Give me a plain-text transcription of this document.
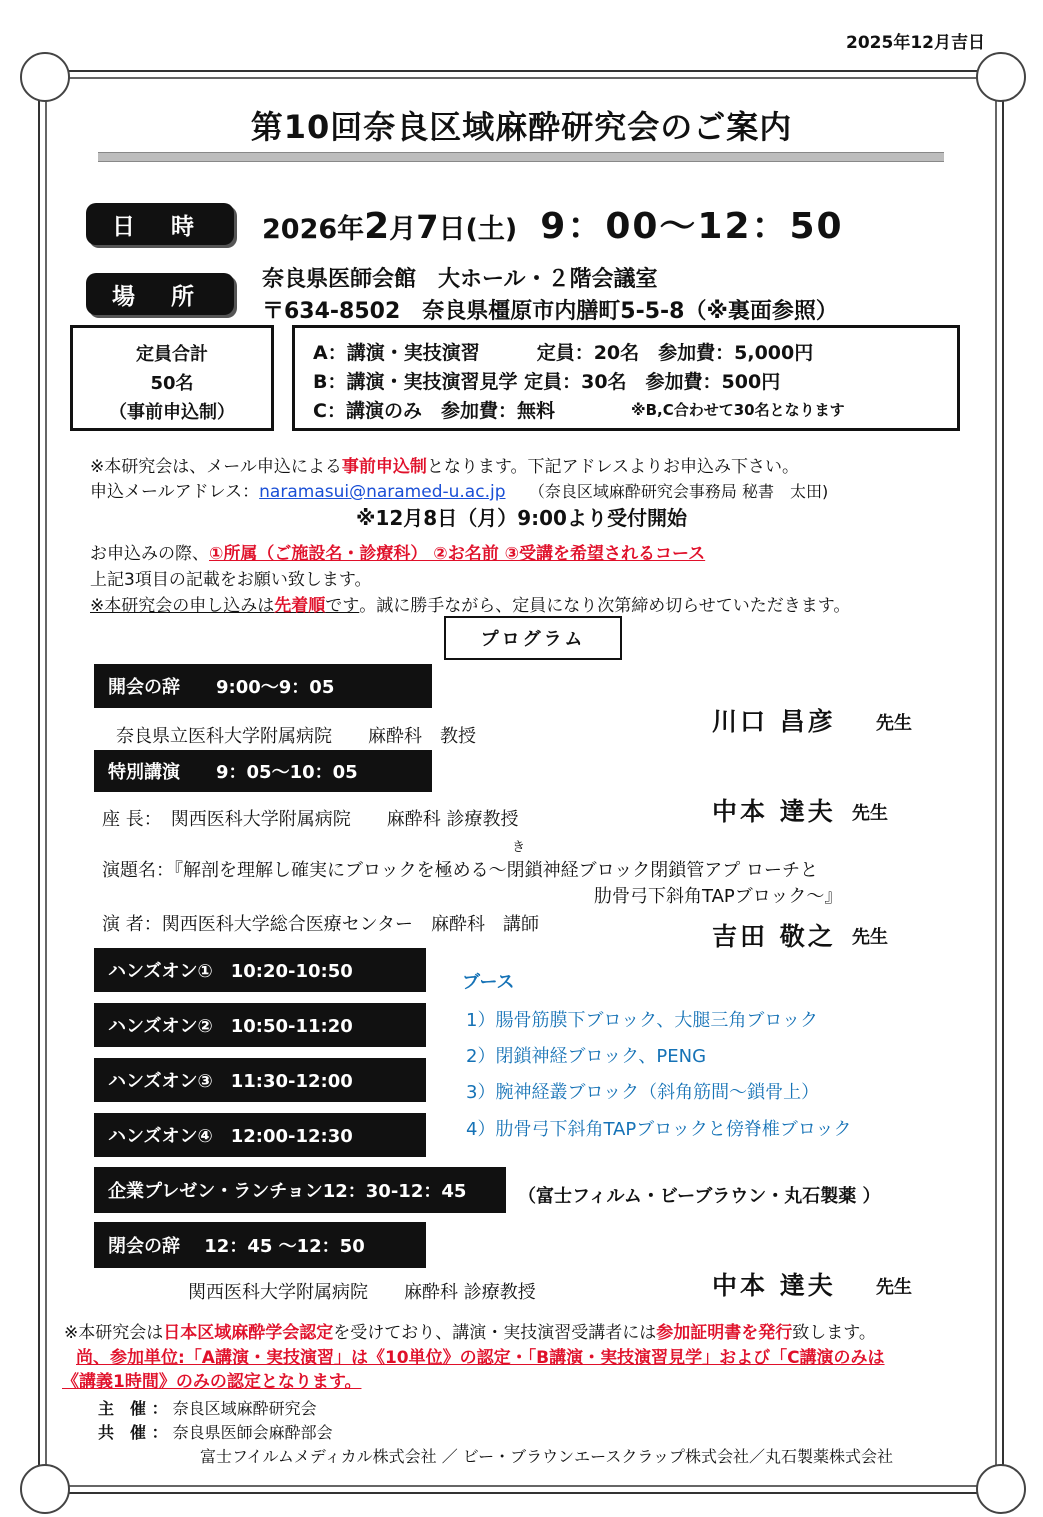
2025年12月吉日
第10回奈良区域麻酔研究会のご案内
日 時	2026年2月7日(土) 9：00～12：50
場 所
奈良県医師会館　大ホール・２階会議室
〒634-8502　奈良県橿原市内膳町5-5-8（※裏面参照）
定員合計
50名
（事前申込制）
A：講演・実技演習　　　定員：20名　参加費：5,000円
B：講演・実技演習見学 定員：30名　参加費：500円
C：講演のみ　参加費：無料	※B,C合わせて30名となります
※本研究会は、メール申込による事前申込制となります。下記アドレスよりお申込み下さい。
申込メールアドレス：naramasui@naramed-u.ac.jp （奈良区域麻酔研究会事務局 秘書　太田)
※12月8日（月）9:00より受付開始
お申込みの際、①所属（ご施設名・診療科） ②お名前 ③受講を希望されるコース
上記3項目の記載をお願い致します。
※本研究会の申し込みは先着順です。誠に勝手ながら、定員になり次第締め切らせていただきます。
プログラム
開会の辞　　9:00～9：05
奈良県立医科大学附属病院　　麻酔科　教授
川口 昌彦 先生
特別講演　　9：05～10：05
座 長：　関西医科大学附属病院　　麻酔科 診療教授	中本 達夫 先生
き
演題名：『解剖を理解し確実にブロックを極める～閉鎖神経ブロック閉鎖管アプ ローチと
肋骨弓下斜角TAPブロック～』
演 者：関西医科大学総合医療センター　麻酔科　講師	吉田 敬之 先生
ハンズオン①　10:20-10:50
ハンズオン②　10:50-11:20
ハンズオン③　11:30-12:00
ハンズオン④　12:00-12:30
ブース
1）腸骨筋膜下ブロック、大腿三角ブロック
2）閉鎖神経ブロック、PENG
3）腕神経叢ブロック（斜角筋間～鎖骨上）
4）肋骨弓下斜角TAPブロックと傍脊椎ブロック
企業プレゼン・ランチョン12：30-12：45	（富士フィルム・ビーブラウン・丸石製薬 ）
閉会の辞　 12：45 ～12：50
関西医科大学附属病院　　麻酔科 診療教授	中本 達夫 先生
※本研究会は日本区域麻酔学会認定を受けており、講演・実技演習受講者には参加証明書を発行致します。
尚、参加単位:「A講演・実技演習」は《10単位》の認定・「B講演・実技演習見学」および「C講演のみは
《講義1時間》のみの認定となります。
主　催 ： 奈良区域麻酔研究会
共　催 ： 奈良県医師会麻酔部会
富士フイルムメディカル株式会社 ／ ビー・ブラウンエースクラップ株式会社／丸石製薬株式会社
